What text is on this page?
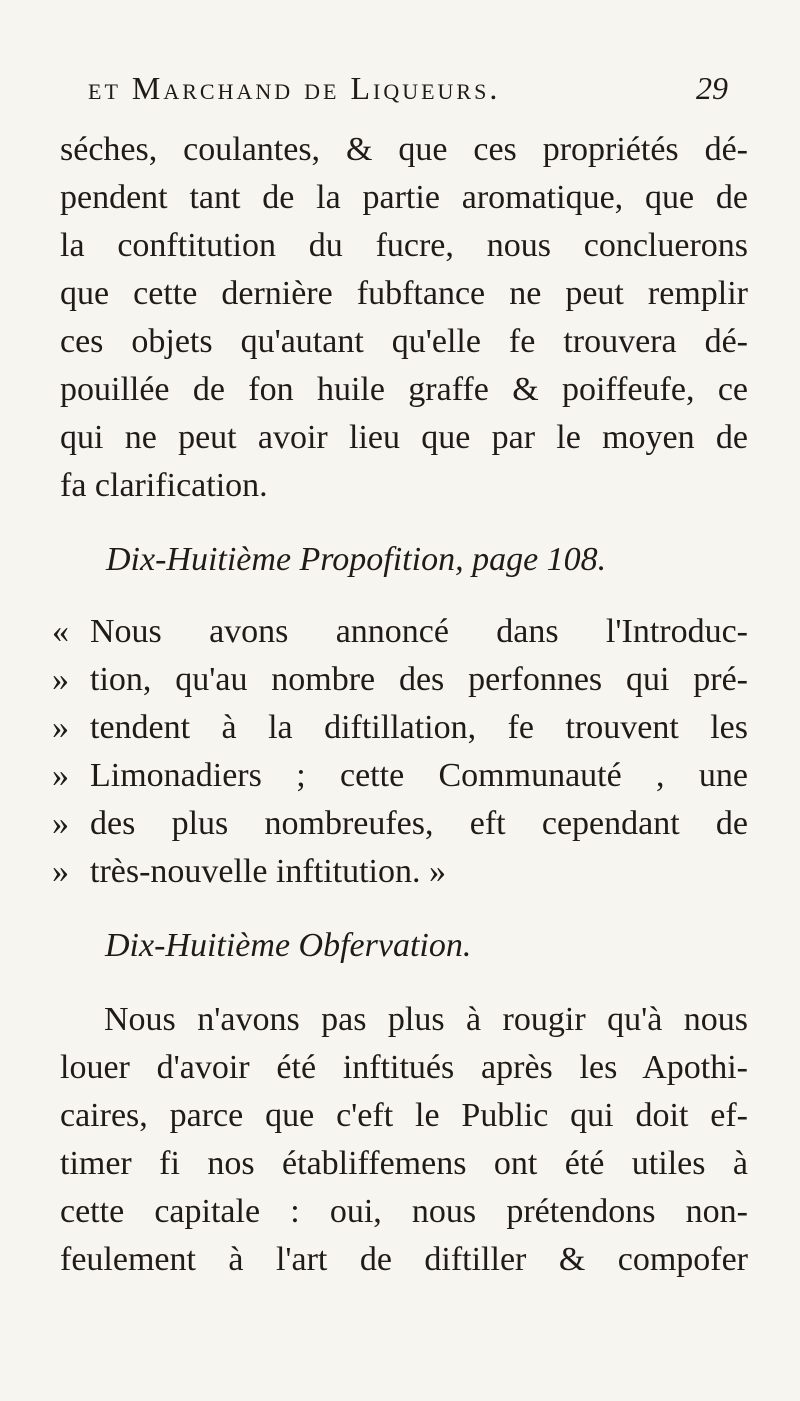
et Marchand de Liqueurs.	29
séches, coulantes, & que ces propriétés dé-
pendent tant de la partie aromatique, que de
la conftitution du fucre, nous concluerons
que cette dernière fubftance ne peut remplir
ces objets qu'autant qu'elle fe trouvera dé-
pouillée de fon huile graffe & poiffeufe, ce
qui ne peut avoir lieu que par le moyen de
fa clarification.
Dix-Huitième Propofition, page 108.
« Nous avons annoncé dans l'Introduc-
» tion, qu'au nombre des perfonnes qui pré-
» tendent à la diftillation, fe trouvent les
» Limonadiers ; cette Communauté , une
» des plus nombreufes, eft cependant de
» très-nouvelle inftitution. »
Dix-Huitième Obfervation.
Nous n'avons pas plus à rougir qu'à nous
louer d'avoir été inftitués après les Apothi-
caires, parce que c'eft le Public qui doit ef-
timer fi nos établiffemens ont été utiles à
cette capitale : oui, nous prétendons non-
feulement à l'art de diftiller & compofer
